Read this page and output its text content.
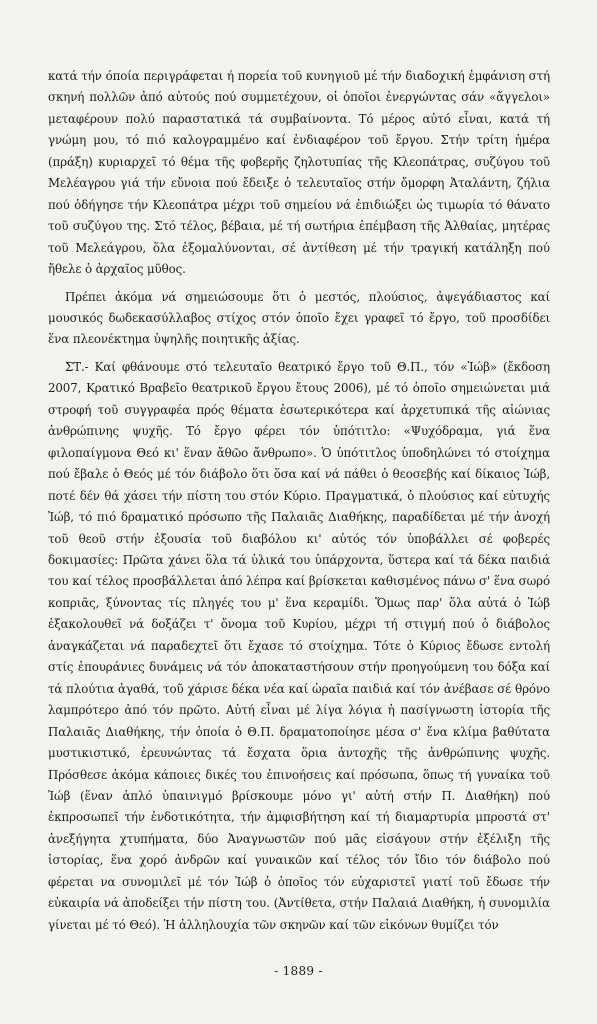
κατά τήν όποία περιγράφεται ή πορεία τοῦ κυνηγιοῦ μέ τήν διαδοχική ἐμφάνιση στή σκηνή πολλῶν ἀπό αὐτούς πού συμμετέχουν, οἱ ὁποῖοι ἐνεργώντας σάν «ἄγγελοι» μεταφέρουν πολύ παραστατικά τά συμβαίνοντα. Τό μέρος αὐτό εἶναι, κατά τή γνώμη μου, τό πιό καλογραμμένο καί ἐνδιαφέρον τοῦ ἔργου. Στήν τρίτη ἡμέρα (πράξη) κυριαρχεῖ τό θέμα τῆς φοβερῆς ζηλοτυπίας τῆς Κλεοπάτρας, συζύγου τοῦ Μελέαγρου γιά τήν εὔνοια πού ἔδειξε ὁ τελευταῖος στήν ὄμορφη Ἀταλάντη, ζήλια πού ὁδήγησε τήν Κλεοπάτρα μέχρι τοῦ σημείου νά ἐπιδιώξει ὡς τιμωρία τό θάνατο τοῦ συζύγου της. Στό τέλος, βέβαια, μέ τή σωτήρια ἐπέμβαση τῆς Ἀλθαίας, μητέρας τοῦ Μελεάγρου, ὅλα ἐξομαλύνονται, σέ ἀντίθεση μέ τήν τραγική κατάληξη πού ἤθελε ὁ ἀρχαῖος μῦθος.

Πρέπει ἀκόμα νά σημειώσουμε ὅτι ὁ μεστός, πλούσιος, ἀψεγάδιαστος καί μουσικός δωδεκασύλλαβος στίχος στόν ὁποῖο ἔχει γραφεῖ τό ἔργο, τοῦ προσδίδει ἕνα πλεονέκτημα ὑψηλῆς ποιητικῆς ἀξίας.

ΣΤ.- Καί φθάνουμε στό τελευταῖο θεατρικό ἔργο τοῦ Θ.Π., τόν «Ἰώβ» (ἔκδοση 2007, Κρατικό Βραβεῖο θεατρικοῦ ἔργου ἔτους 2006), μέ τό ὁποῖο σημειώνεται μιά στροφή τοῦ συγγραφέα πρός θέματα ἐσωτερικότερα καί ἀρχετυπικά τῆς αἰώνιας ἀνθρώπινης ψυχῆς. Τό ἔργο φέρει τόν ὑπότιτλο: «Ψυχόδραμα, γιά ἕνα φιλοπαίγμονα Θεό κι' ἕναν ἄθῶο ἄνθρωπο». Ὁ ὑπότιτλος ὑποδηλώνει τό στοίχημα πού ἔβαλε ὁ Θεός μέ τόν διάβολο ὅτι ὅσα καί νά πάθει ὁ θεοσεβής καί δίκαιος Ἰώβ, ποτέ δέν θά χάσει τήν πίστη του στόν Κύριο. Πραγματικά, ὁ πλούσιος καί εὐτυχής Ἰώβ, τό πιό δραματικό πρόσωπο τῆς Παλαιᾶς Διαθήκης, παραδίδεται μέ τήν ἀνοχή τοῦ θεοῦ στήν ἐξουσία τοῦ διαβόλου κι' αὐτός τόν ὑποβάλλει σέ φοβερές δοκιμασίες: Πρῶτα χάνει ὅλα τά ὑλικά του ὑπάρχοντα, ὕστερα καί τά δέκα παιδιά του καί τέλος προσβάλλεται ἀπό λέπρα καί βρίσκεται καθισμένος πάνω σ' ἕνα σωρό κοπριᾶς, ξύνοντας τίς πληγές του μ' ἕνα κεραμίδι. Ὅμως παρ' ὅλα αὐτά ὁ Ἰώβ ἐξακολουθεῖ νά δοξάζει τ' ὄνομα τοῦ Κυρίου, μέχρι τή στιγμή πού ὁ διάβολος ἀναγκάζεται νά παραδεχτεῖ ὅτι ἔχασε τό στοίχημα. Τότε ὁ Κύριος ἔδωσε εντολή στίς ἐπουράνιες δυνάμεις νά τόν ἀποκαταστήσουν στήν προηγούμενη του δόξα καί τά πλούτια ἀγαθά, τοῦ χάρισε δέκα νέα καί ὡραῖα παιδιά καί τόν ἀνέβασε σέ θρόνο λαμπρότερο ἀπό τόν πρῶτο. Αὐτή εἶναι μέ λίγα λόγια ἡ πασίγνωστη ἱστορία τῆς Παλαιᾶς Διαθήκης, τήν ὁποία ὁ Θ.Π. δραματοποίησε μέσα σ' ἕνα κλίμα βαθύτατα μυστικιστικό, ἐρευνώντας τά ἔσχατα ὅρια ἀντοχῆς τῆς ἀνθρώπινης ψυχῆς. Πρόσθεσε ἀκόμα κάποιες δικές του ἐπινοήσεις καί πρόσωπα, ὅπως τή γυναίκα τοῦ Ἰώβ (ἕναν ἁπλό ὑπαινιγμό βρίσκουμε μόνο γι' αὐτή στήν Π. Διαθήκη) πού ἐκπροσωπεῖ τήν ἐνδοτικότητα, τήν ἀμφισβήτηση καί τή διαμαρτυρία μπροστά στ' ἀνεξήγητα χτυπήματα, δύο Ἀναγνωστῶν πού μᾶς εἰσάγουν στήν ἐξέλιξη τῆς ἱστορίας, ἕνα χορό ἀνδρῶν καί γυναικῶν καί τέλος τόν ἴδιο τόν διάβολο πού φέρεται να συνομιλεῖ μέ τόν Ἰώβ ὁ ὁποῖος τόν εὐχαριστεῖ γιατί τοῦ ἔδωσε τήν εὐκαιρία νά ἀποδείξει τήν πίστη του. (Ἀντίθετα, στήν Παλαιά Διαθήκη, ἡ συνομιλία γίνεται μέ τό Θεό). Ἡ ἀλληλουχία τῶν σκηνῶν καί τῶν εἰκόνων θυμίζει τόν

- 1889 -
